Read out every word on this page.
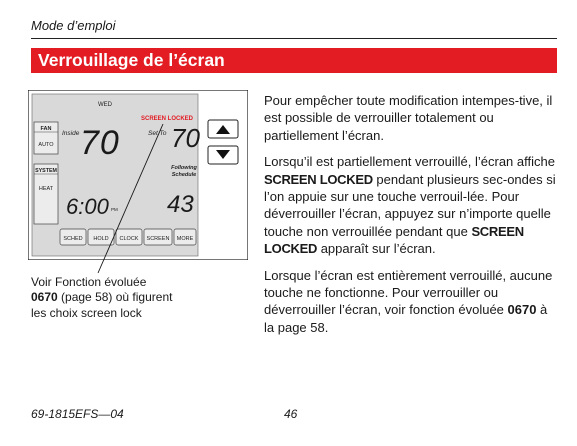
Mode d’emploi
Verrouillage de l’écran
WED
SCREEN LOCKED
FAN
AUTO
SYSTEM
HEAT
Inside 70	Set To 70
Following
Schedule
6:00 PM 43
SCHED HOLD CLOCK SCREEN MORE

Pour empêcher toute modification intempes-tive, il est possible de verrouiller totalement ou partiellement l’écran.

Lorsqu’il est partiellement verrouillé, l’écran affiche SCREEN LOCKED pendant plusieurs sec-ondes si l’on appuie sur une touche verrouil-lée. Pour déverrouiller l’écran, appuyez sur n’importe quelle touche non verrouillée pendant que SCREEN LOCKED apparaît sur l’écran.

Lorsque l’écran est entièrement verrouillé, aucune touche ne fonctionne. Pour verrouiller ou déverrouiller l’écran, voir fonction évoluée 0670 à la page 58.

Voir Fonction évoluée
0670 (page 58) où figurent
les choix screen lock
69-1815EFS—04	46
